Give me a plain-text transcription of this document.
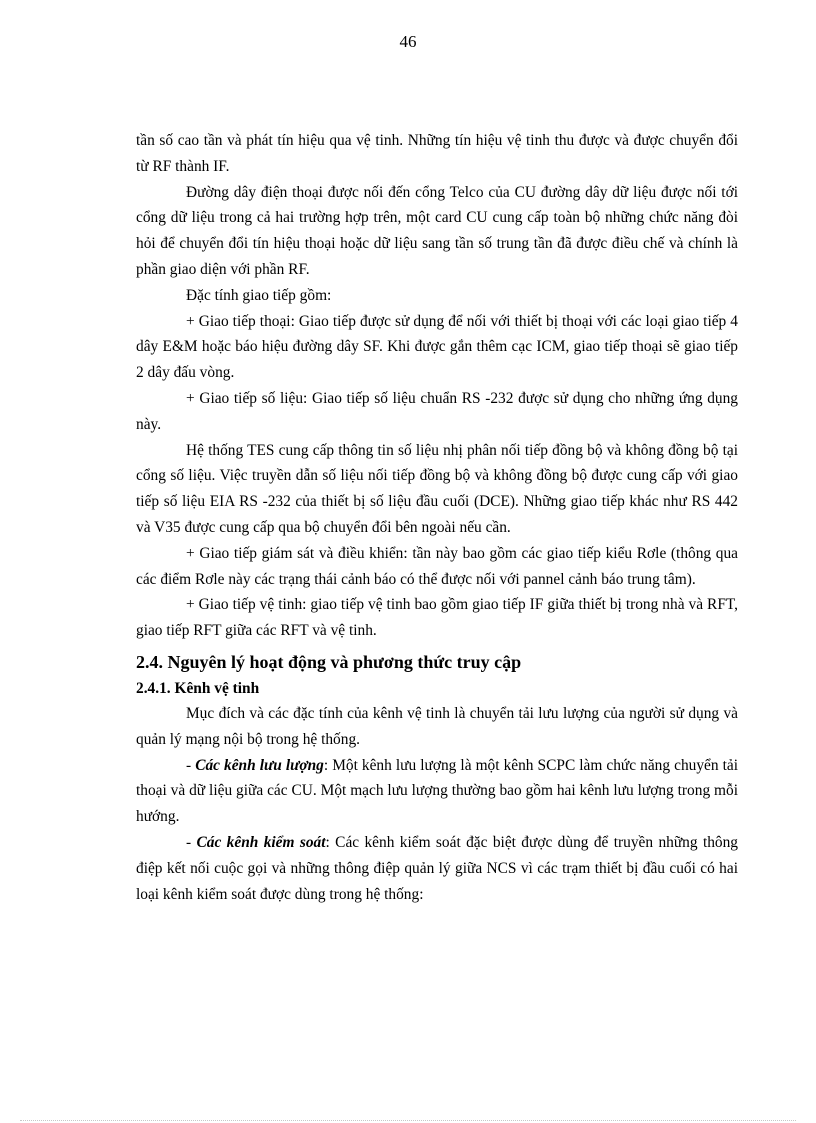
46

tần số cao tần và phát tín hiệu qua vệ tinh. Những tín hiệu vệ tinh thu được và được chuyển đổi từ RF thành IF.

Đường dây điện thoại được nối đến cổng Telco của CU đường dây dữ liệu được nối tới cổng dữ liệu trong cả hai trường hợp trên, một card CU cung cấp toàn bộ những chức năng đòi hỏi để chuyển đổi tín hiệu thoại hoặc dữ liệu sang tần số trung tần đã được điều chế và chính là phần giao diện với phần RF.

Đặc tính giao tiếp gồm:

+ Giao tiếp thoại: Giao tiếp được sử dụng để nối với thiết bị thoại với các loại giao tiếp 4 dây E&M hoặc báo hiệu đường dây SF. Khi được gắn thêm cạc ICM, giao tiếp thoại sẽ giao tiếp 2 dây đấu vòng.

+ Giao tiếp số liệu: Giao tiếp số liệu chuẩn RS -232 được sử dụng cho những ứng dụng này.

Hệ thống TES cung cấp thông tin số liệu nhị phân nối tiếp đồng bộ và không đồng bộ tại cổng số liệu. Việc truyền dẫn số liệu nối tiếp đồng bộ và không đồng bộ được cung cấp với giao tiếp số liệu EIA RS -232 của thiết bị số liệu đầu cuối (DCE). Những giao tiếp khác như RS 442 và V35 được cung cấp qua bộ chuyển đổi bên ngoài nếu cần.

+ Giao tiếp giám sát và điều khiển: tần này bao gồm các giao tiếp kiểu Rơle (thông qua các điểm Rơle này các trạng thái cảnh báo có thể được nối với pannel cảnh báo trung tâm).

+ Giao tiếp vệ tinh: giao tiếp vệ tinh bao gồm giao tiếp IF giữa thiết bị trong nhà và RFT, giao tiếp RFT giữa các RFT và vệ tinh.

2.4. Nguyên lý hoạt động và phương thức truy cập
2.4.1. Kênh vệ tinh

Mục đích và các đặc tính của kênh vệ tinh là chuyển tải lưu lượng của người sử dụng và quản lý mạng nội bộ trong hệ thống.

- Các kênh lưu lượng: Một kênh lưu lượng là một kênh SCPC làm chức năng chuyển tải thoại và dữ liệu giữa các CU. Một mạch lưu lượng thường bao gồm hai kênh lưu lượng trong mỗi hướng.

- Các kênh kiểm soát: Các kênh kiểm soát đặc biệt được dùng để truyền những thông điệp kết nối cuộc gọi và những thông điệp quản lý giữa NCS vì các trạm thiết bị đầu cuối có hai loại kênh kiểm soát được dùng trong hệ thống:
